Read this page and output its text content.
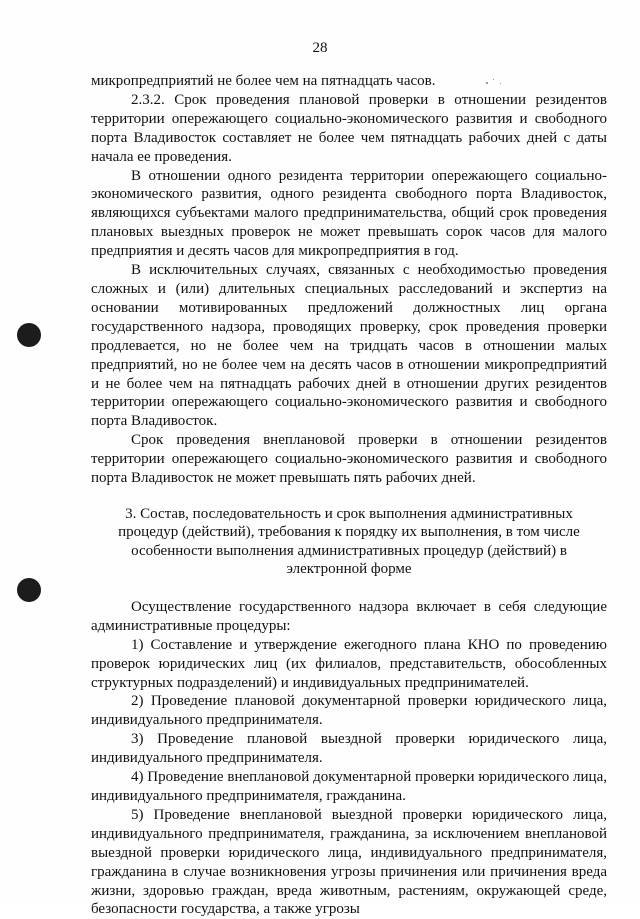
28

микропредприятий не более чем на пятнадцать часов.

2.3.2. Срок проведения плановой проверки в отношении резидентов территории опережающего социально-экономического развития и свободного порта Владивосток составляет не более чем пятнадцать рабочих дней с даты начала ее проведения.

В отношении одного резидента территории опережающего социально-экономического развития, одного резидента свободного порта Владивосток, являющихся субъектами малого предпринимательства, общий срок проведения плановых выездных проверок не может превышать сорок часов для малого предприятия и десять часов для микропредприятия в год.

В исключительных случаях, связанных с необходимостью проведения сложных и (или) длительных специальных расследований и экспертиз на основании мотивированных предложений должностных лиц органа государственного надзора, проводящих проверку, срок проведения проверки продлевается, но не более чем на тридцать часов в отношении малых предприятий, но не более чем на десять часов в отношении микропредприятий и не более чем на пятнадцать рабочих дней в отношении других резидентов территории опережающего социально-экономического развития и свободного порта Владивосток.

Срок проведения внеплановой проверки в отношении резидентов территории опережающего социально-экономического развития и свободного порта Владивосток не может превышать пять рабочих дней.

3. Состав, последовательность и срок выполнения административных процедур (действий), требования к порядку их выполнения, в том числе особенности выполнения административных процедур (действий) в электронной форме

Осуществление государственного надзора включает в себя следующие административные процедуры:

1) Составление и утверждение ежегодного плана КНО по проведению проверок юридических лиц (их филиалов, представительств, обособленных структурных подразделений) и индивидуальных предпринимателей.

2) Проведение плановой документарной проверки юридического лица, индивидуального предпринимателя.

3) Проведение плановой выездной проверки юридического лица, индивидуального предпринимателя.

4) Проведение внеплановой документарной проверки юридического лица, индивидуального предпринимателя, гражданина.

5) Проведение внеплановой выездной проверки юридического лица, индивидуального предпринимателя, гражданина, за исключением внеплановой выездной проверки юридического лица, индивидуального предпринимателя, гражданина в случае возникновения угрозы причинения или причинения вреда жизни, здоровью граждан, вреда животным, растениям, окружающей среде, безопасности государства, а также угрозы
